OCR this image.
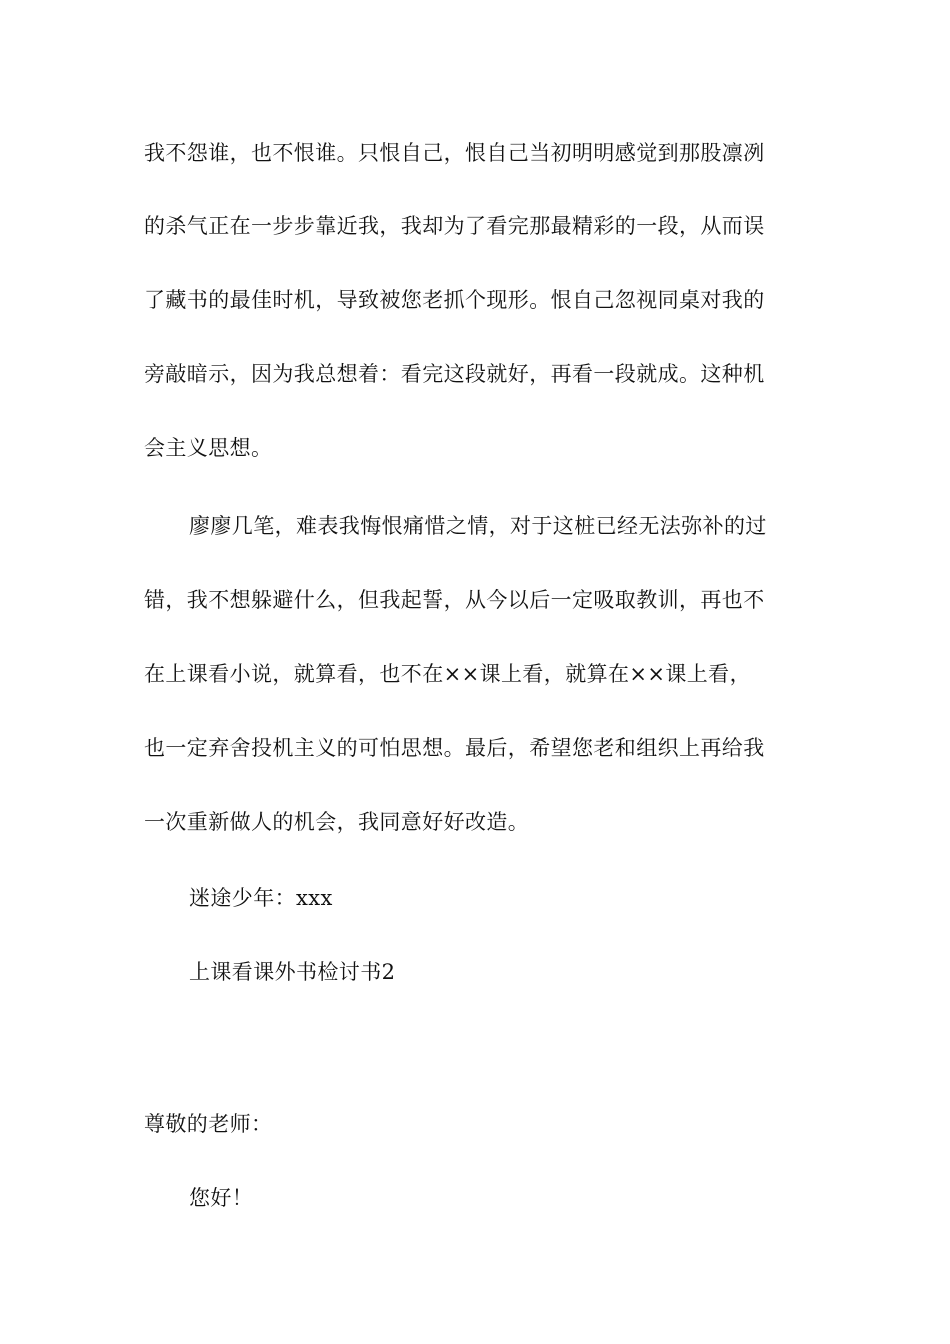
我不怨谁，也不恨谁。只恨自己，恨自己当初明明感觉到那股凛冽

的杀气正在一步步靠近我，我却为了看完那最精彩的一段，从而误

了藏书的最佳时机，导致被您老抓个现形。恨自己忽视同桌对我的

旁敲暗示，因为我总想着：看完这段就好，再看一段就成。这种机

会主义思想。

廖廖几笔，难表我悔恨痛惜之情，对于这桩已经无法弥补的过

错，我不想躲避什么，但我起誓，从今以后一定吸取教训，再也不

在上课看小说，就算看，也不在××课上看，就算在××课上看，

也一定弃舍投机主义的可怕思想。最后，希望您老和组织上再给我

一次重新做人的机会，我同意好好改造。

迷途少年：xxx

上课看课外书检讨书2

尊敬的老师：

您好！
